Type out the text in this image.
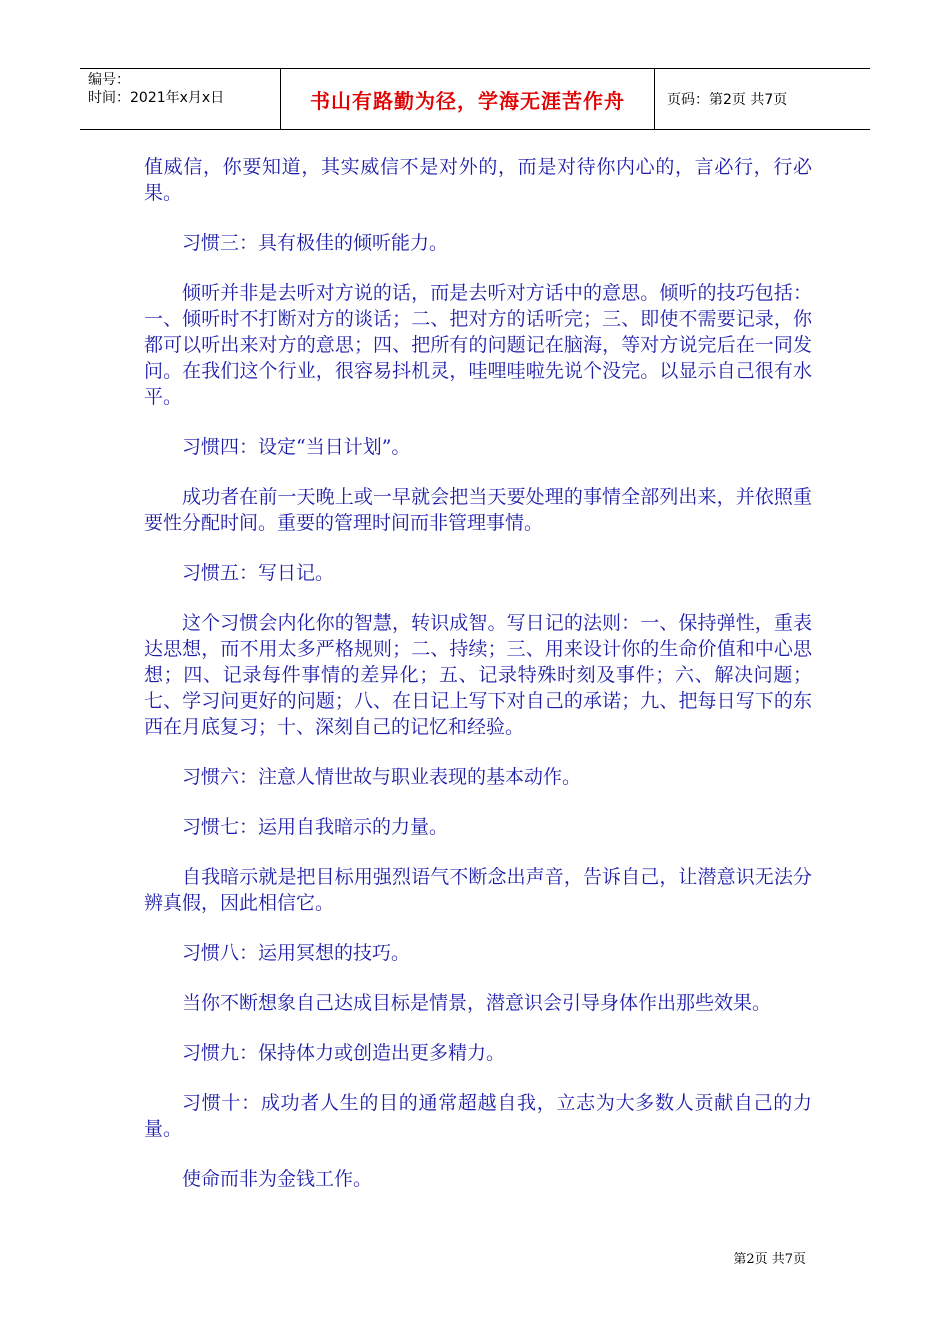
编号：
时间：2021年x月x日	书山有路勤为径，学海无涯苦作舟	页码：第2页 共7页

值威信，你要知道，其实威信不是对外的，而是对待你内心的，言必行，行必果。

习惯三：具有极佳的倾听能力。

倾听并非是去听对方说的话，而是去听对方话中的意思。倾听的技巧包括：一、倾听时不打断对方的谈话；二、把对方的话听完；三、即使不需要记录，你都可以听出来对方的意思；四、把所有的问题记在脑海，等对方说完后在一同发问。在我们这个行业，很容易抖机灵，哇哩哇啦先说个没完。以显示自己很有水平。

习惯四：设定“当日计划”。

成功者在前一天晚上或一早就会把当天要处理的事情全部列出来，并依照重要性分配时间。重要的管理时间而非管理事情。

习惯五：写日记。

这个习惯会内化你的智慧，转识成智。写日记的法则：一、保持弹性，重表达思想，而不用太多严格规则；二、持续；三、用来设计你的生命价值和中心思想；四、记录每件事情的差异化；五、记录特殊时刻及事件；六、解决问题；七、学习问更好的问题；八、在日记上写下对自己的承诺；九、把每日写下的东西在月底复习；十、深刻自己的记忆和经验。

习惯六：注意人情世故与职业表现的基本动作。

习惯七：运用自我暗示的力量。

自我暗示就是把目标用强烈语气不断念出声音，告诉自己，让潜意识无法分辨真假，因此相信它。

习惯八：运用冥想的技巧。

当你不断想象自己达成目标是情景，潜意识会引导身体作出那些效果。

习惯九：保持体力或创造出更多精力。

习惯十：成功者人生的目的通常超越自我，立志为大多数人贡献自己的力量。

使命而非为金钱工作。

第2页 共7页
